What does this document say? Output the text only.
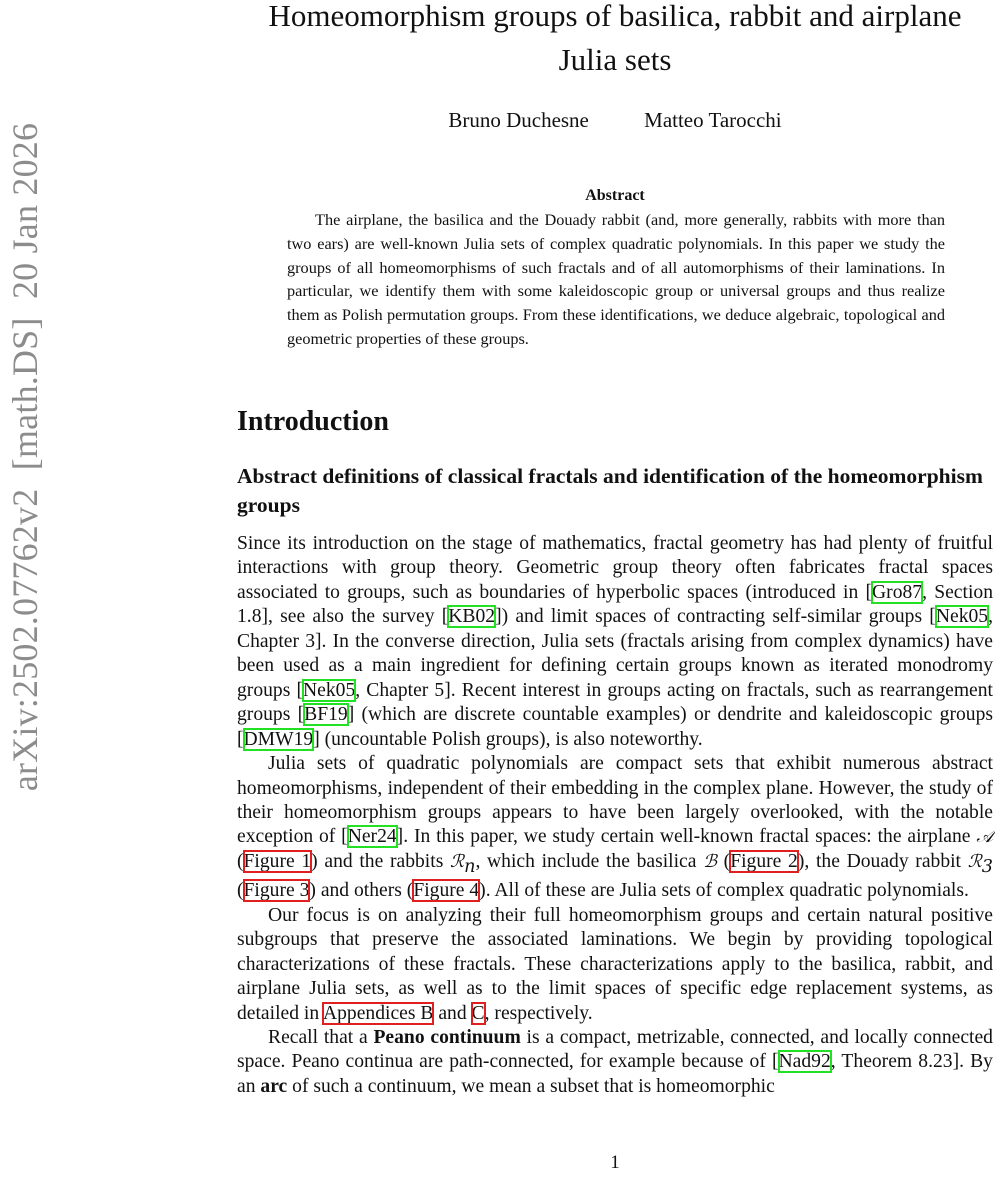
arXiv:2502.07762v2  [math.DS]  20 Jan 2026
Homeomorphism groups of basilica, rabbit and airplane Julia sets
Bruno Duchesne	Matteo Tarocchi
Abstract
The airplane, the basilica and the Douady rabbit (and, more generally, rabbits with more than two ears) are well-known Julia sets of complex quadratic polynomials. In this paper we study the groups of all homeomorphisms of such fractals and of all automorphisms of their laminations. In particular, we identify them with some kaleidoscopic group or universal groups and thus realize them as Polish permutation groups. From these identifications, we deduce algebraic, topological and geometric properties of these groups.
Introduction
Abstract definitions of classical fractals and identification of the homeomorphism groups

Since its introduction on the stage of mathematics, fractal geometry has had plenty of fruitful interactions with group theory. Geometric group theory often fabricates fractal spaces associated to groups, such as boundaries of hyperbolic spaces (introduced in [Gro87, Section 1.8], see also the survey [KB02]) and limit spaces of contracting self-similar groups [Nek05, Chapter 3]. In the converse direction, Julia sets (fractals arising from complex dynamics) have been used as a main ingredient for defining certain groups known as iterated monodromy groups [Nek05, Chapter 5]. Recent interest in groups acting on fractals, such as rearrangement groups [BF19] (which are discrete countable examples) or dendrite and kaleidoscopic groups [DMW19] (uncountable Polish groups), is also noteworthy.

Julia sets of quadratic polynomials are compact sets that exhibit numerous abstract homeomorphisms, independent of their embedding in the complex plane. However, the study of their homeomorphism groups appears to have been largely overlooked, with the notable exception of [Ner24]. In this paper, we study certain well-known fractal spaces: the airplane 𝒜 (Figure 1) and the rabbits ℛ$_n$, which include the basilica ℬ (Figure 2), the Douady rabbit ℛ$_3$ (Figure 3) and others (Figure 4). All of these are Julia sets of complex quadratic polynomials.

Our focus is on analyzing their full homeomorphism groups and certain natural positive subgroups that preserve the associated laminations. We begin by providing topological characterizations of these fractals. These characterizations apply to the basilica, rabbit, and airplane Julia sets, as well as to the limit spaces of specific edge replacement systems, as detailed in Appendices B and C, respectively.

Recall that a Peano continuum is a compact, metrizable, connected, and locally connected space. Peano continua are path-connected, for example because of [Nad92, Theorem 8.23]. By an arc of such a continuum, we mean a subset that is homeomorphic

1
